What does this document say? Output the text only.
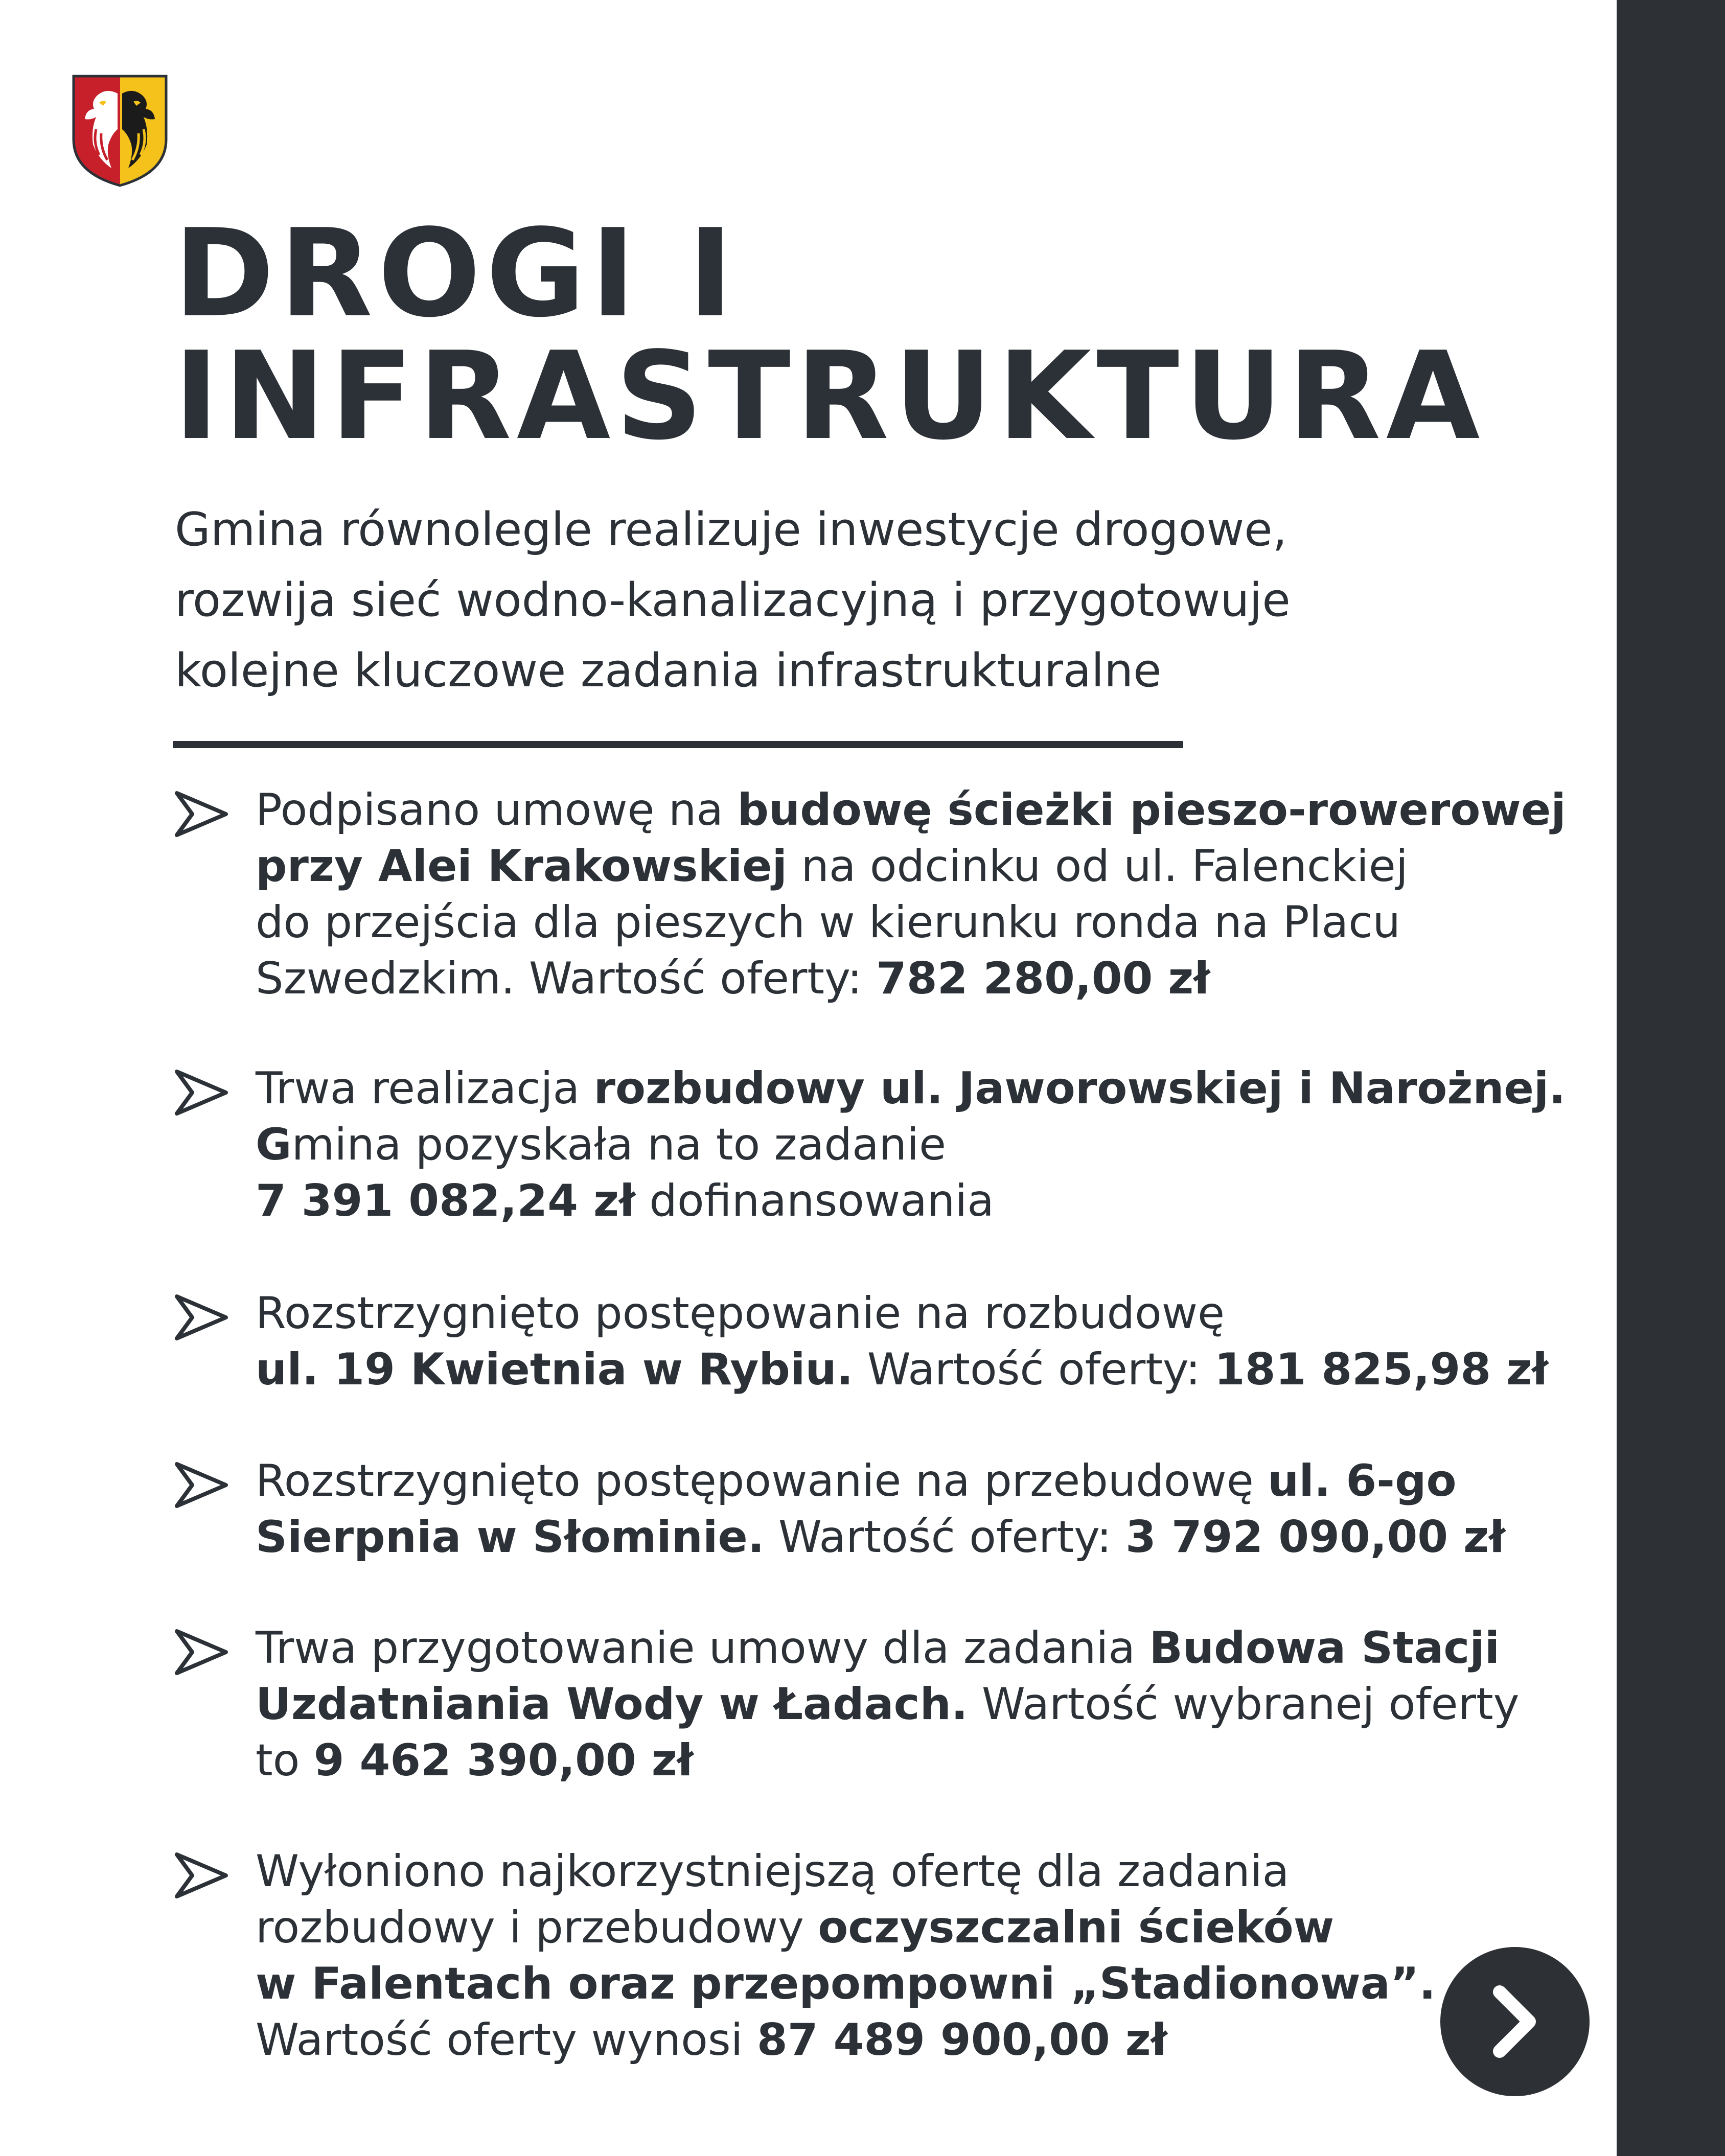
DROGI I
INFRASTRUKTURA

Gmina równolegle realizuje inwestycje drogowe,
rozwija sieć wodno-kanalizacyjną i przygotowuje
kolejne kluczowe zadania infrastrukturalne

Podpisano umowę na budowę ścieżki pieszo-rowerowej
przy Alei Krakowskiej na odcinku od ul. Falenckiej
do przejścia dla pieszych w kierunku ronda na Placu
Szwedzkim. Wartość oferty: 782 280,00 zł
Trwa realizacja rozbudowy ul. Jaworowskiej i Narożnej.
Gmina pozyskała na to zadanie
7 391 082,24 zł dofinansowania
Rozstrzygnięto postępowanie na rozbudowę
ul. 19 Kwietnia w Rybiu. Wartość oferty: 181 825,98 zł
Rozstrzygnięto postępowanie na przebudowę ul. 6-go
Sierpnia w Słominie. Wartość oferty: 3 792 090,00 zł
Trwa przygotowanie umowy dla zadania Budowa Stacji
Uzdatniania Wody w Ładach. Wartość wybranej oferty
to 9 462 390,00 zł
Wyłoniono najkorzystniejszą ofertę dla zadania
rozbudowy i przebudowy oczyszczalni ścieków
w Falentach oraz przepompowni „Stadionowa”.
Wartość oferty wynosi 87 489 900,00 zł
